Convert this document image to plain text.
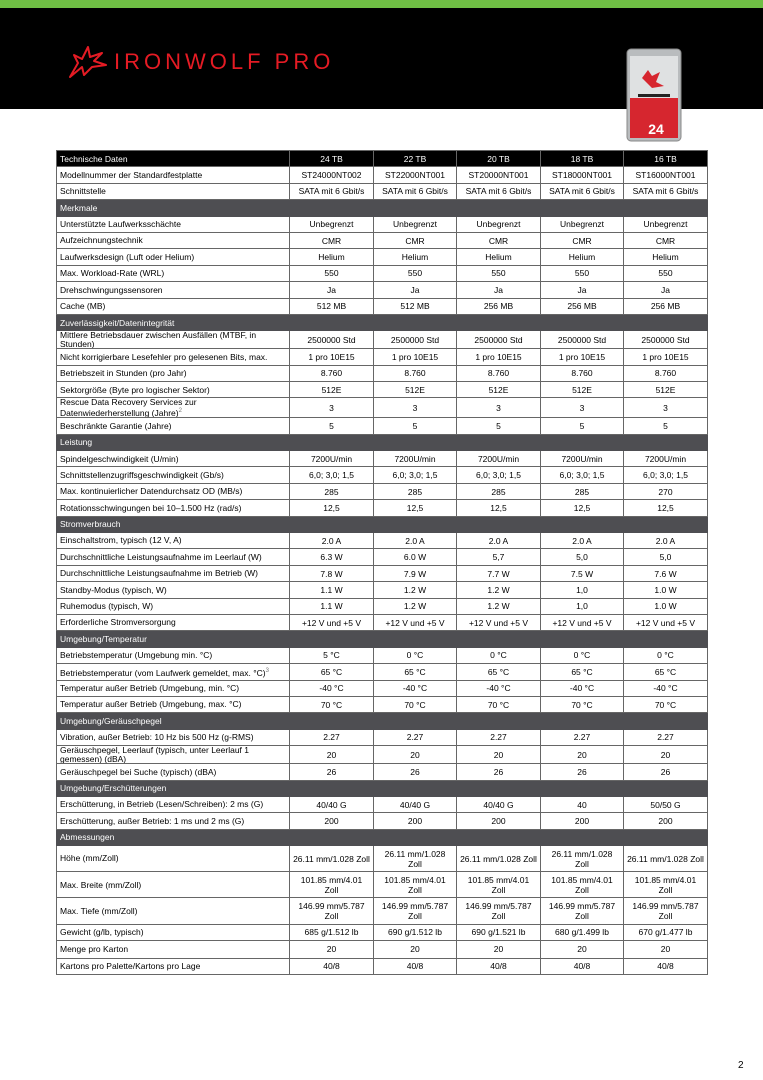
IRONWOLF PRO
24
Technische Daten	24 TB	22 TB	20 TB	18 TB	16 TB
Modellnummer der Standardfestplatte	ST24000NT002	ST22000NT001	ST20000NT001	ST18000NT001	ST16000NT001
Schnittstelle	SATA mit 6 Gbit/s	SATA mit 6 Gbit/s	SATA mit 6 Gbit/s	SATA mit 6 Gbit/s	SATA mit 6 Gbit/s
Merkmale					
Unterstützte Laufwerksschächte	Unbegrenzt	Unbegrenzt	Unbegrenzt	Unbegrenzt	Unbegrenzt
Aufzeichnungstechnik	CMR	CMR	CMR	CMR	CMR
Laufwerksdesign (Luft oder Helium)	Helium	Helium	Helium	Helium	Helium
Max. Workload-Rate (WRL)	550	550	550	550	550
Drehschwingungssensoren	Ja	Ja	Ja	Ja	Ja
Cache (MB)	512 MB	512 MB	256 MB	256 MB	256 MB
Zuverlässigkeit/Datenintegrität					
Mittlere Betriebsdauer zwischen Ausfällen (MTBF, in Stunden)	2500000 Std	2500000 Std	2500000 Std	2500000 Std	2500000 Std
Nicht korrigierbare Lesefehler pro gelesenen Bits, max.	1 pro 10E15	1 pro 10E15	1 pro 10E15	1 pro 10E15	1 pro 10E15
Betriebszeit in Stunden (pro Jahr)	8.760	8.760	8.760	8.760	8.760
Sektorgröße (Byte pro logischer Sektor)	512E	512E	512E	512E	512E
Rescue Data Recovery Services zur Datenwiederherstellung (Jahre)$^2$	3	3	3	3	3
Beschränkte Garantie (Jahre)	5	5	5	5	5
Leistung					
Spindelgeschwindigkeit (U/min)	7200U/min	7200U/min	7200U/min	7200U/min	7200U/min
Schnittstellenzugriffsgeschwindigkeit (Gb/s)	6,0; 3,0; 1,5	6,0; 3,0; 1,5	6,0; 3,0; 1,5	6,0; 3,0; 1,5	6,0; 3,0; 1,5
Max. kontinuierlicher Datendurchsatz OD (MB/s)	285	285	285	285	270
Rotationsschwingungen bei 10–1.500 Hz (rad/s)	12,5	12,5	12,5	12,5	12,5
Stromverbrauch					
Einschaltstrom, typisch (12 V, A)	2.0 A	2.0 A	2.0 A	2.0 A	2.0 A
Durchschnittliche Leistungsaufnahme im Leerlauf (W)	6.3 W	6.0 W	5,7	5,0	5,0
Durchschnittliche Leistungsaufnahme im Betrieb (W)	7.8 W	7.9 W	7.7 W	7.5 W	7.6 W
Standby-Modus (typisch, W)	1.1 W	1.2 W	1.2 W	1,0	1.0 W
Ruhemodus (typisch, W)	1.1 W	1.2 W	1.2 W	1,0	1.0 W
Erforderliche Stromversorgung	+12 V und +5 V	+12 V und +5 V	+12 V und +5 V	+12 V und +5 V	+12 V und +5 V
Umgebung/Temperatur					
Betriebstemperatur (Umgebung min. °C)	5 °C	0 °C	0 °C	0 °C	0 °C
Betriebstemperatur (vom Laufwerk gemeldet, max. °C)$^3$	65 °C	65 °C	65 °C	65 °C	65 °C
Temperatur außer Betrieb (Umgebung, min. °C)	-40 °C	-40 °C	-40 °C	-40 °C	-40 °C
Temperatur außer Betrieb (Umgebung, max. °C)	70 °C	70 °C	70 °C	70 °C	70 °C
Umgebung/Geräuschpegel					
Vibration, außer Betrieb: 10 Hz bis 500 Hz (g-RMS)	2.27	2.27	2.27	2.27	2.27
Geräuschpegel, Leerlauf (typisch, unter Leerlauf 1 gemessen) (dBA)	20	20	20	20	20
Geräuschpegel bei Suche (typisch) (dBA)	26	26	26	26	26
Umgebung/Erschütterungen					
Erschütterung, in Betrieb (Lesen/Schreiben): 2 ms (G)	40/40 G	40/40 G	40/40 G	40	50/50 G
Erschütterung, außer Betrieb: 1 ms und 2 ms (G)	200	200	200	200	200
Abmessungen					
Höhe (mm/Zoll)	26.11 mm/1.028 Zoll	26.11 mm/1.028 Zoll	26.11 mm/1.028 Zoll	26.11 mm/1.028 Zoll	26.11 mm/1.028 Zoll
Max. Breite (mm/Zoll)	101.85 mm/4.01 Zoll	101.85 mm/4.01 Zoll	101.85 mm/4.01 Zoll	101.85 mm/4.01 Zoll	101.85 mm/4.01 Zoll
Max. Tiefe (mm/Zoll)	146.99 mm/5.787 Zoll	146.99 mm/5.787 Zoll	146.99 mm/5.787 Zoll	146.99 mm/5.787 Zoll	146.99 mm/5.787 Zoll
Gewicht (g/lb, typisch)	685 g/1.512 lb	690 g/1.512 lb	690 g/1.521 lb	680 g/1.499 lb	670 g/1.477 lb
Menge pro Karton	20	20	20	20	20
Kartons pro Palette/Kartons pro Lage	40/8	40/8	40/8	40/8	40/8
2
